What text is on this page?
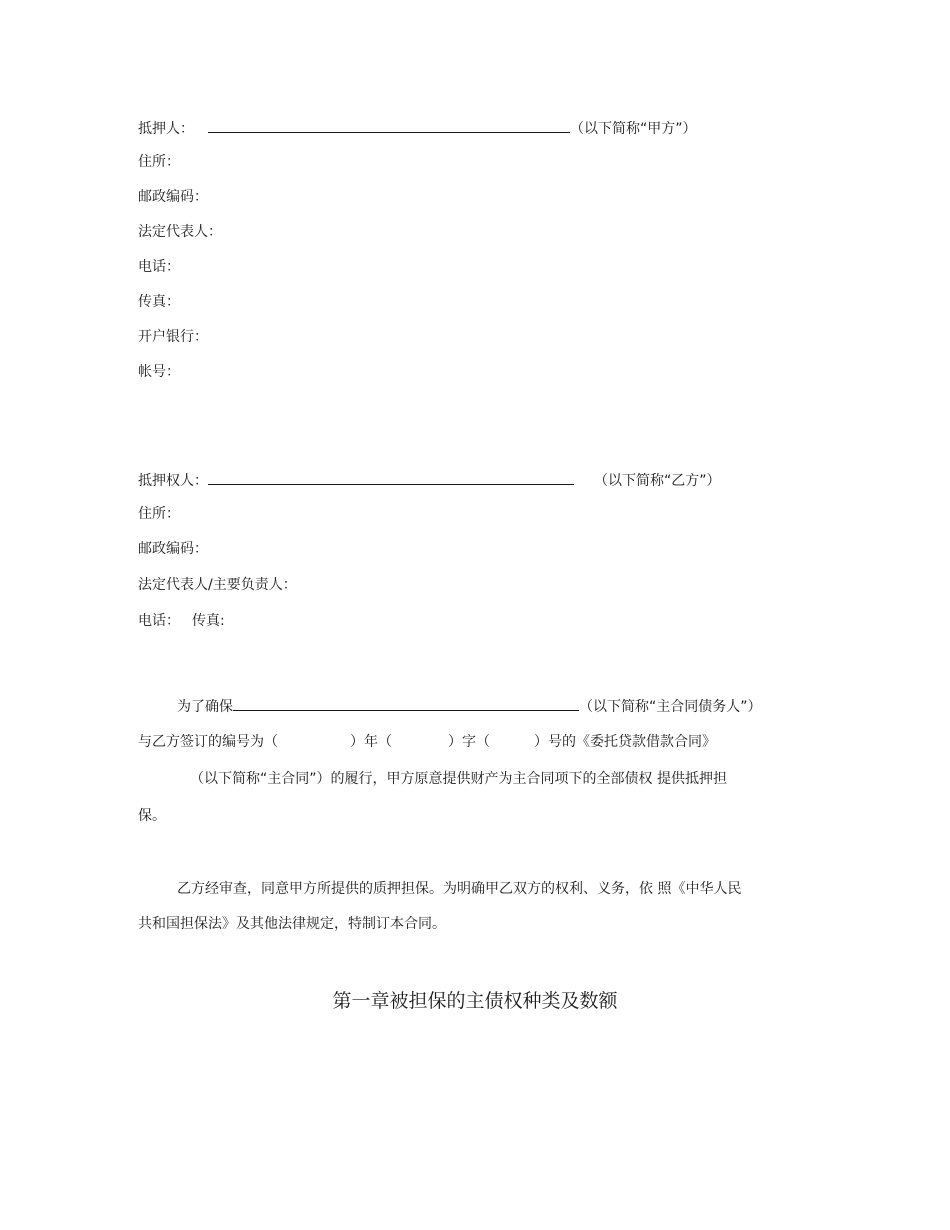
抵押人：	（以下简称“甲方”）
住所：
邮政编码：
法定代表人：
电话：
传真：
开户银行：
帐号：
抵押权人：	（以下简称“乙方”）
住所：
邮政编码：
法定代表人/主要负责人：
电话： 传真:
为了确保	（以下简称“主合同债务人”）
与乙方签订的编号为（	）年（	）字（	）号的《委托贷款借款合同》
（以下简称“主合同”）的履行，甲方原意提供财产为主合同项下的全部债权 提供抵押担
保。
乙方经审查，同意甲方所提供的质押担保。为明确甲乙双方的权利、义务，依 照《中华人民
共和国担保法》及其他法律规定，特制订本合同。
第一章被担保的主债权种类及数额
